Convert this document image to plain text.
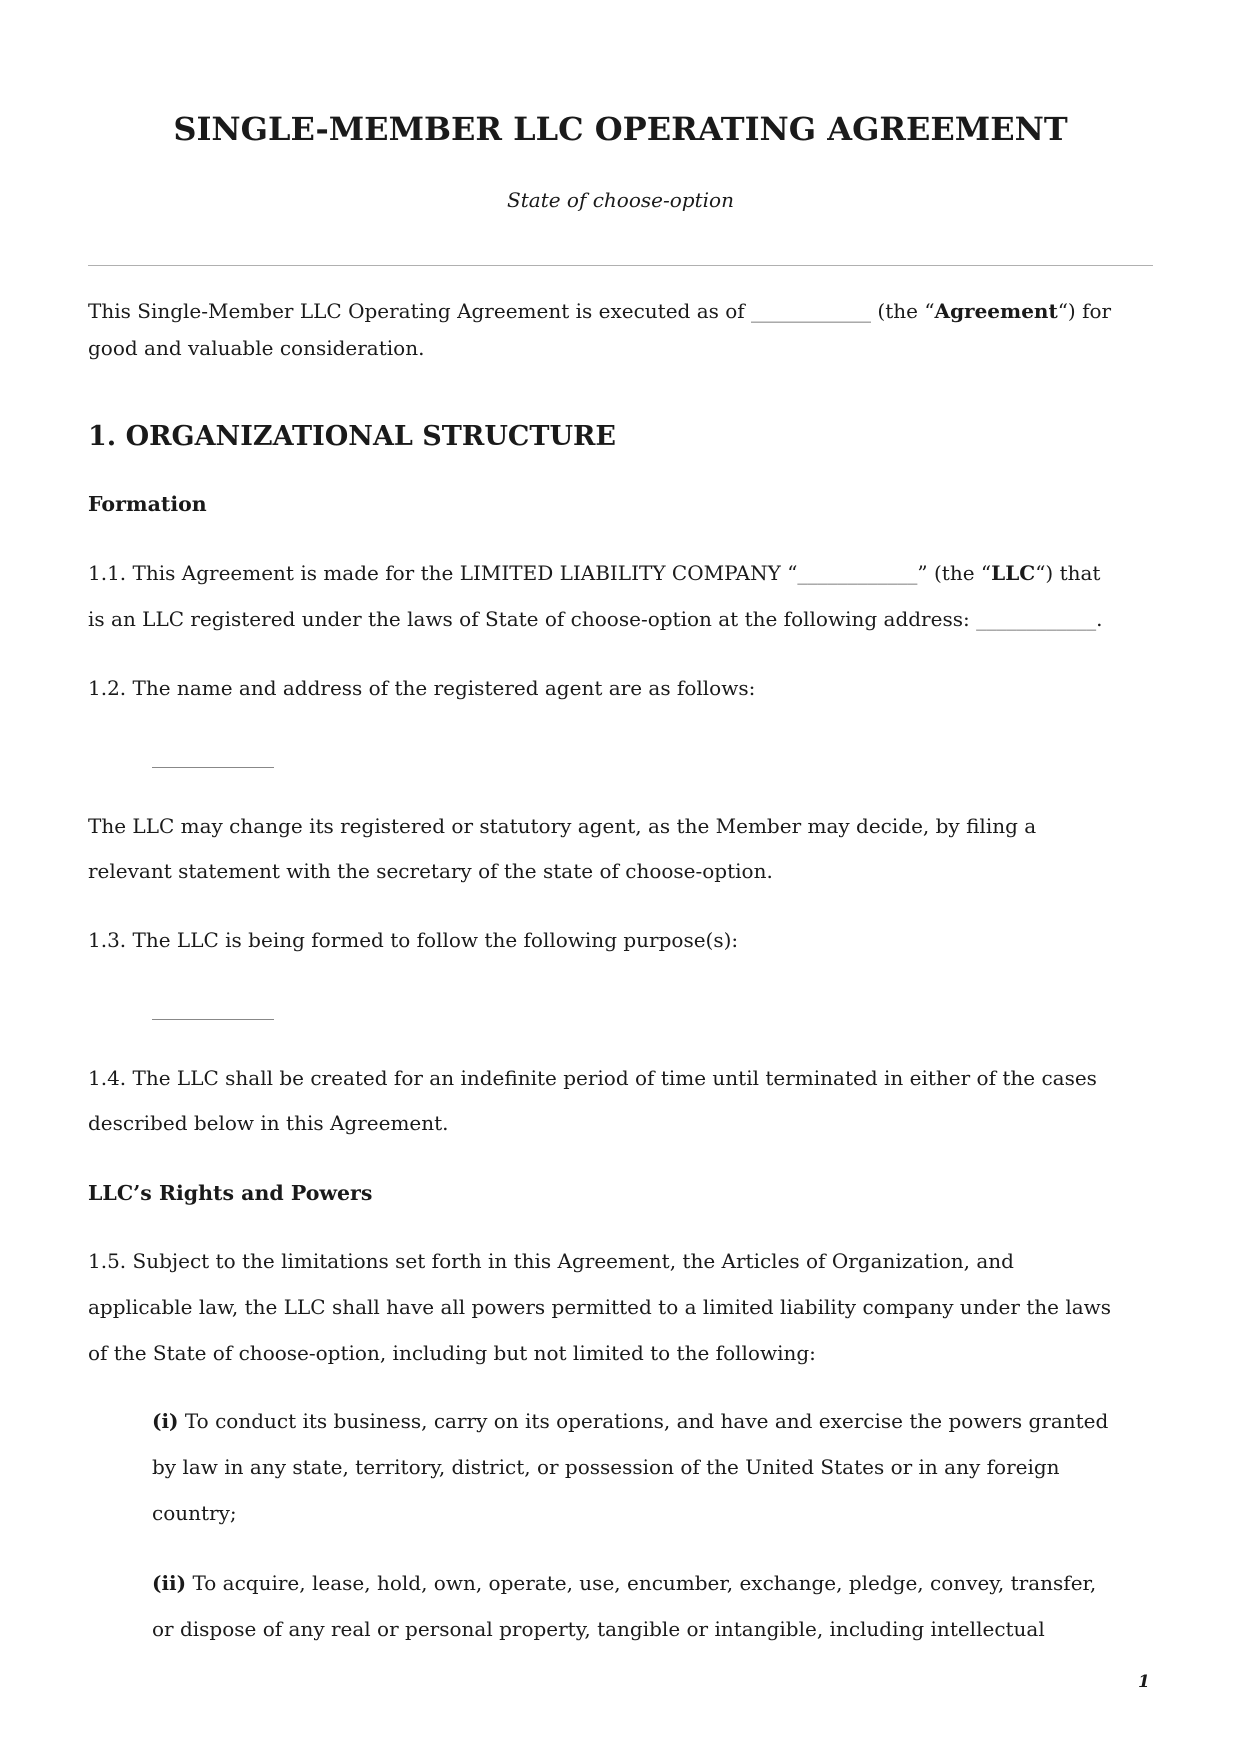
SINGLE-MEMBER LLC OPERATING AGREEMENT
State of choose-option
This Single-Member LLC Operating Agreement is executed as of ____________ (the “Agreement“) for
good and valuable consideration.
1. ORGANIZATIONAL STRUCTURE
Formation
1.1. This Agreement is made for the LIMITED LIABILITY COMPANY “____________” (the “LLC“) that
is an LLC registered under the laws of State of choose-option at the following address: ____________.
1.2. The name and address of the registered agent are as follows:
The LLC may change its registered or statutory agent, as the Member may decide, by filing a
relevant statement with the secretary of the state of choose-option.
1.3. The LLC is being formed to follow the following purpose(s):
1.4. The LLC shall be created for an indefinite period of time until terminated in either of the cases
described below in this Agreement.
LLC’s Rights and Powers
1.5. Subject to the limitations set forth in this Agreement, the Articles of Organization, and
applicable law, the LLC shall have all powers permitted to a limited liability company under the laws
of the State of choose-option, including but not limited to the following:
(i) To conduct its business, carry on its operations, and have and exercise the powers granted
by law in any state, territory, district, or possession of the United States or in any foreign
country;
(ii) To acquire, lease, hold, own, operate, use, encumber, exchange, pledge, convey, transfer,
or dispose of any real or personal property, tangible or intangible, including intellectual
1
